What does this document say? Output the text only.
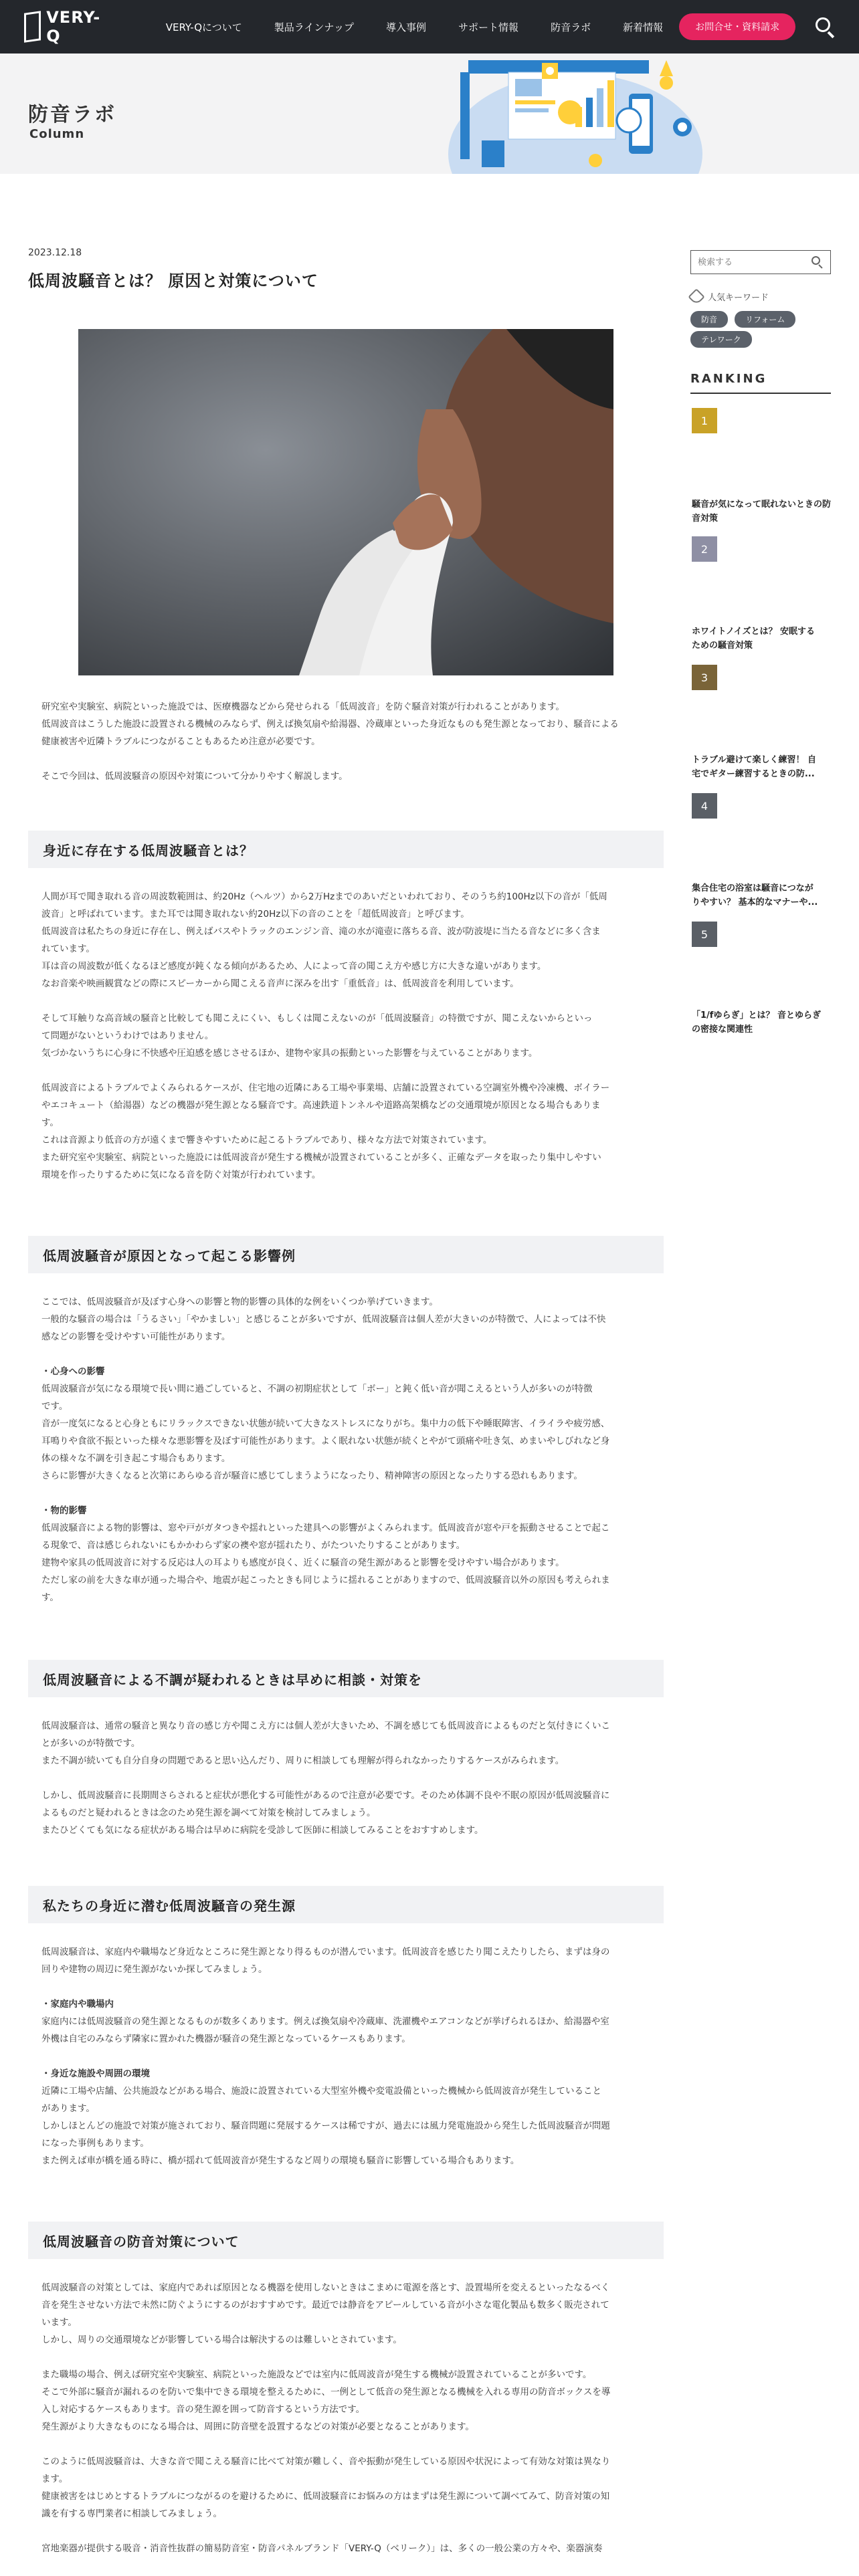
VERY-Q	VERY-Qについて	製品ラインナップ	導入事例	サポート情報	防音ラボ	新着情報	お問合せ・資料請求
防音ラボ
Column
2023.12.18
低周波騒音とは？ 原因と対策について

研究室や実験室、病院といった施設では、医療機器などから発せられる「低周波音」を防ぐ騒音対策が行われることがあります。

低周波音はこうした施設に設置される機械のみならず、例えば換気扇や給湯器、冷蔵庫といった身近なものも発生源となっており、騒音による

健康被害や近隣トラブルにつながることもあるため注意が必要です。

そこで今回は、低周波騒音の原因や対策について分かりやすく解説します。

身近に存在する低周波騒音とは？

人間が耳で聞き取れる音の周波数範囲は、約20Hz（ヘルツ）から2万Hzまでのあいだといわれており、そのうち約100Hz以下の音が「低周

波音」と呼ばれています。また耳では聞き取れない約20Hz以下の音のことを「超低周波音」と呼びます。

低周波音は私たちの身近に存在し、例えばバスやトラックのエンジン音、滝の水が滝壺に落ちる音、波が防波堤に当たる音などに多く含ま

れています。

耳は音の周波数が低くなるほど感度が鈍くなる傾向があるため、人によって音の聞こえ方や感じ方に大きな違いがあります。

なお音楽や映画観賞などの際にスピーカーから聞こえる音声に深みを出す「重低音」は、低周波音を利用しています。

そして耳触りな高音域の騒音と比較しても聞こえにくい、もしくは聞こえないのが「低周波騒音」の特徴ですが、聞こえないからといっ

て問題がないというわけではありません。

気づかないうちに心身に不快感や圧迫感を感じさせるほか、建物や家具の振動といった影響を与えていることがあります。

低周波音によるトラブルでよくみられるケースが、住宅地の近隣にある工場や事業場、店舗に設置されている空調室外機や冷凍機、ボイラー

やエコキュート（給湯器）などの機器が発生源となる騒音です。高速鉄道トンネルや道路高架橋などの交通環境が原因となる場合もありま

す。

これは音源より低音の方が遠くまで響きやすいために起こるトラブルであり、様々な方法で対策されています。

また研究室や実験室、病院といった施設には低周波音が発生する機械が設置されていることが多く、正確なデータを取ったり集中しやすい

環境を作ったりするために気になる音を防ぐ対策が行われています。

低周波騒音が原因となって起こる影響例

ここでは、低周波騒音が及ぼす心身への影響と物的影響の具体的な例をいくつか挙げていきます。

一般的な騒音の場合は「うるさい」「やかましい」と感じることが多いですが、低周波騒音は個人差が大きいのが特徴で、人によっては不快

感などの影響を受けやすい可能性があります。

・心身への影響

低周波騒音が気になる環境で長い間に過ごしていると、不調の初期症状として「ボー」と鈍く低い音が聞こえるという人が多いのが特徴

です。

音が一度気になると心身ともにリラックスできない状態が続いて大きなストレスになりがち。集中力の低下や睡眠障害、イライラや疲労感、

耳鳴りや食欲不振といった様々な悪影響を及ぼす可能性があります。よく眠れない状態が続くとやがて頭痛や吐き気、めまいやしびれなど身

体の様々な不調を引き起こす場合もあります。

さらに影響が大きくなると次第にあらゆる音が騒音に感じてしまうようになったり、精神障害の原因となったりする恐れもあります。

・物的影響

低周波騒音による物的影響は、窓や戸がガタつきや揺れといった建具への影響がよくみられます。低周波音が窓や戸を振動させることで起こ

る現象で、音は感じられないにもかかわらず家の襖や窓が揺れたり、がたついたりすることがあります。

建物や家具の低周波音に対する反応は人の耳よりも感度が良く、近くに騒音の発生源があると影響を受けやすい場合があります。

ただし家の前を大きな車が通った場合や、地震が起こったときも同じように揺れることがありますので、低周波騒音以外の原因も考えられま

す。

低周波騒音による不調が疑われるときは早めに相談・対策を

低周波騒音は、通常の騒音と異なり音の感じ方や聞こえ方には個人差が大きいため、不調を感じても低周波音によるものだと気付きにくいこ

とが多いのが特徴です。

また不調が続いても自分自身の問題であると思い込んだり、周りに相談しても理解が得られなかったりするケースがみられます。

しかし、低周波騒音に長期間さらされると症状が悪化する可能性があるので注意が必要です。そのため体調不良や不眠の原因が低周波騒音に

よるものだと疑われるときは念のため発生源を調べて対策を検討してみましょう。

またひどくても気になる症状がある場合は早めに病院を受診して医師に相談してみることをおすすめします。

私たちの身近に潜む低周波騒音の発生源

低周波騒音は、家庭内や職場など身近なところに発生源となり得るものが潜んでいます。低周波音を感じたり聞こえたりしたら、まずは身の

回りや建物の周辺に発生源がないか探してみましょう。

・家庭内や職場内

家庭内には低周波騒音の発生源となるものが数多くあります。例えば換気扇や冷蔵庫、洗濯機やエアコンなどが挙げられるほか、給湯器や室

外機は自宅のみならず隣家に置かれた機器が騒音の発生源となっているケースもあります。

・身近な施設や周囲の環境

近隣に工場や店舗、公共施設などがある場合、施設に設置されている大型室外機や変電設備といった機械から低周波音が発生していること

があります。

しかしほとんどの施設で対策が施されており、騒音問題に発展するケースは稀ですが、過去には風力発電施設から発生した低周波騒音が問題

になった事例もあります。

また例えば車が橋を通る時に、橋が揺れて低周波音が発生するなど周りの環境も騒音に影響している場合もあります。

低周波騒音の防音対策について

低周波騒音の対策としては、家庭内であれば原因となる機器を使用しないときはこまめに電源を落とす、設置場所を変えるといったなるべく

音を発生させない方法で未然に防ぐようにするのがおすすめです。最近では静音をアピールしている音が小さな電化製品も数多く販売されて

います。

しかし、周りの交通環境などが影響している場合は解決するのは難しいとされています。

また職場の場合、例えば研究室や実験室、病院といった施設などでは室内に低周波音が発生する機械が設置されていることが多いです。

そこで外部に騒音が漏れるのを防いで集中できる環境を整えるために、一例として低音の発生源となる機械を入れる専用の防音ボックスを導

入し対応するケースもあります。音の発生源を囲って防音するという方法です。

発生源がより大きなものになる場合は、周囲に防音壁を設置するなどの対策が必要となることがあります。

このように低周波騒音は、大きな音で聞こえる騒音に比べて対策が難しく、音や振動が発生している原因や状況によって有効な対策は異なり

ます。

健康被害をはじめとするトラブルにつながるのを避けるために、低周波騒音にお悩みの方はまずは発生源について調べてみて、防音対策の知

識を有する専門業者に相談してみましょう。

宮地楽器が提供する吸音・消音性抜群の簡易防音室・防音パネルブランド「VERY-Q（ベリーク）」は、多くの一般公業の方々や、楽器演奏

検索する
人気キーワード
防音	リフォーム
テレワーク
RANKING
1
騒音が気になって眠れないときの防音対策
2
ホワイトノイズとは？ 安眠する
ための騒音対策
3
トラブル避けて楽しく練習！ 自
宅でギター練習するときの防...
4
集合住宅の浴室は騒音につなが
りやすい？ 基本的なマナーや...
5
「1/fゆらぎ」とは？ 音とゆらぎ
の密接な関連性
